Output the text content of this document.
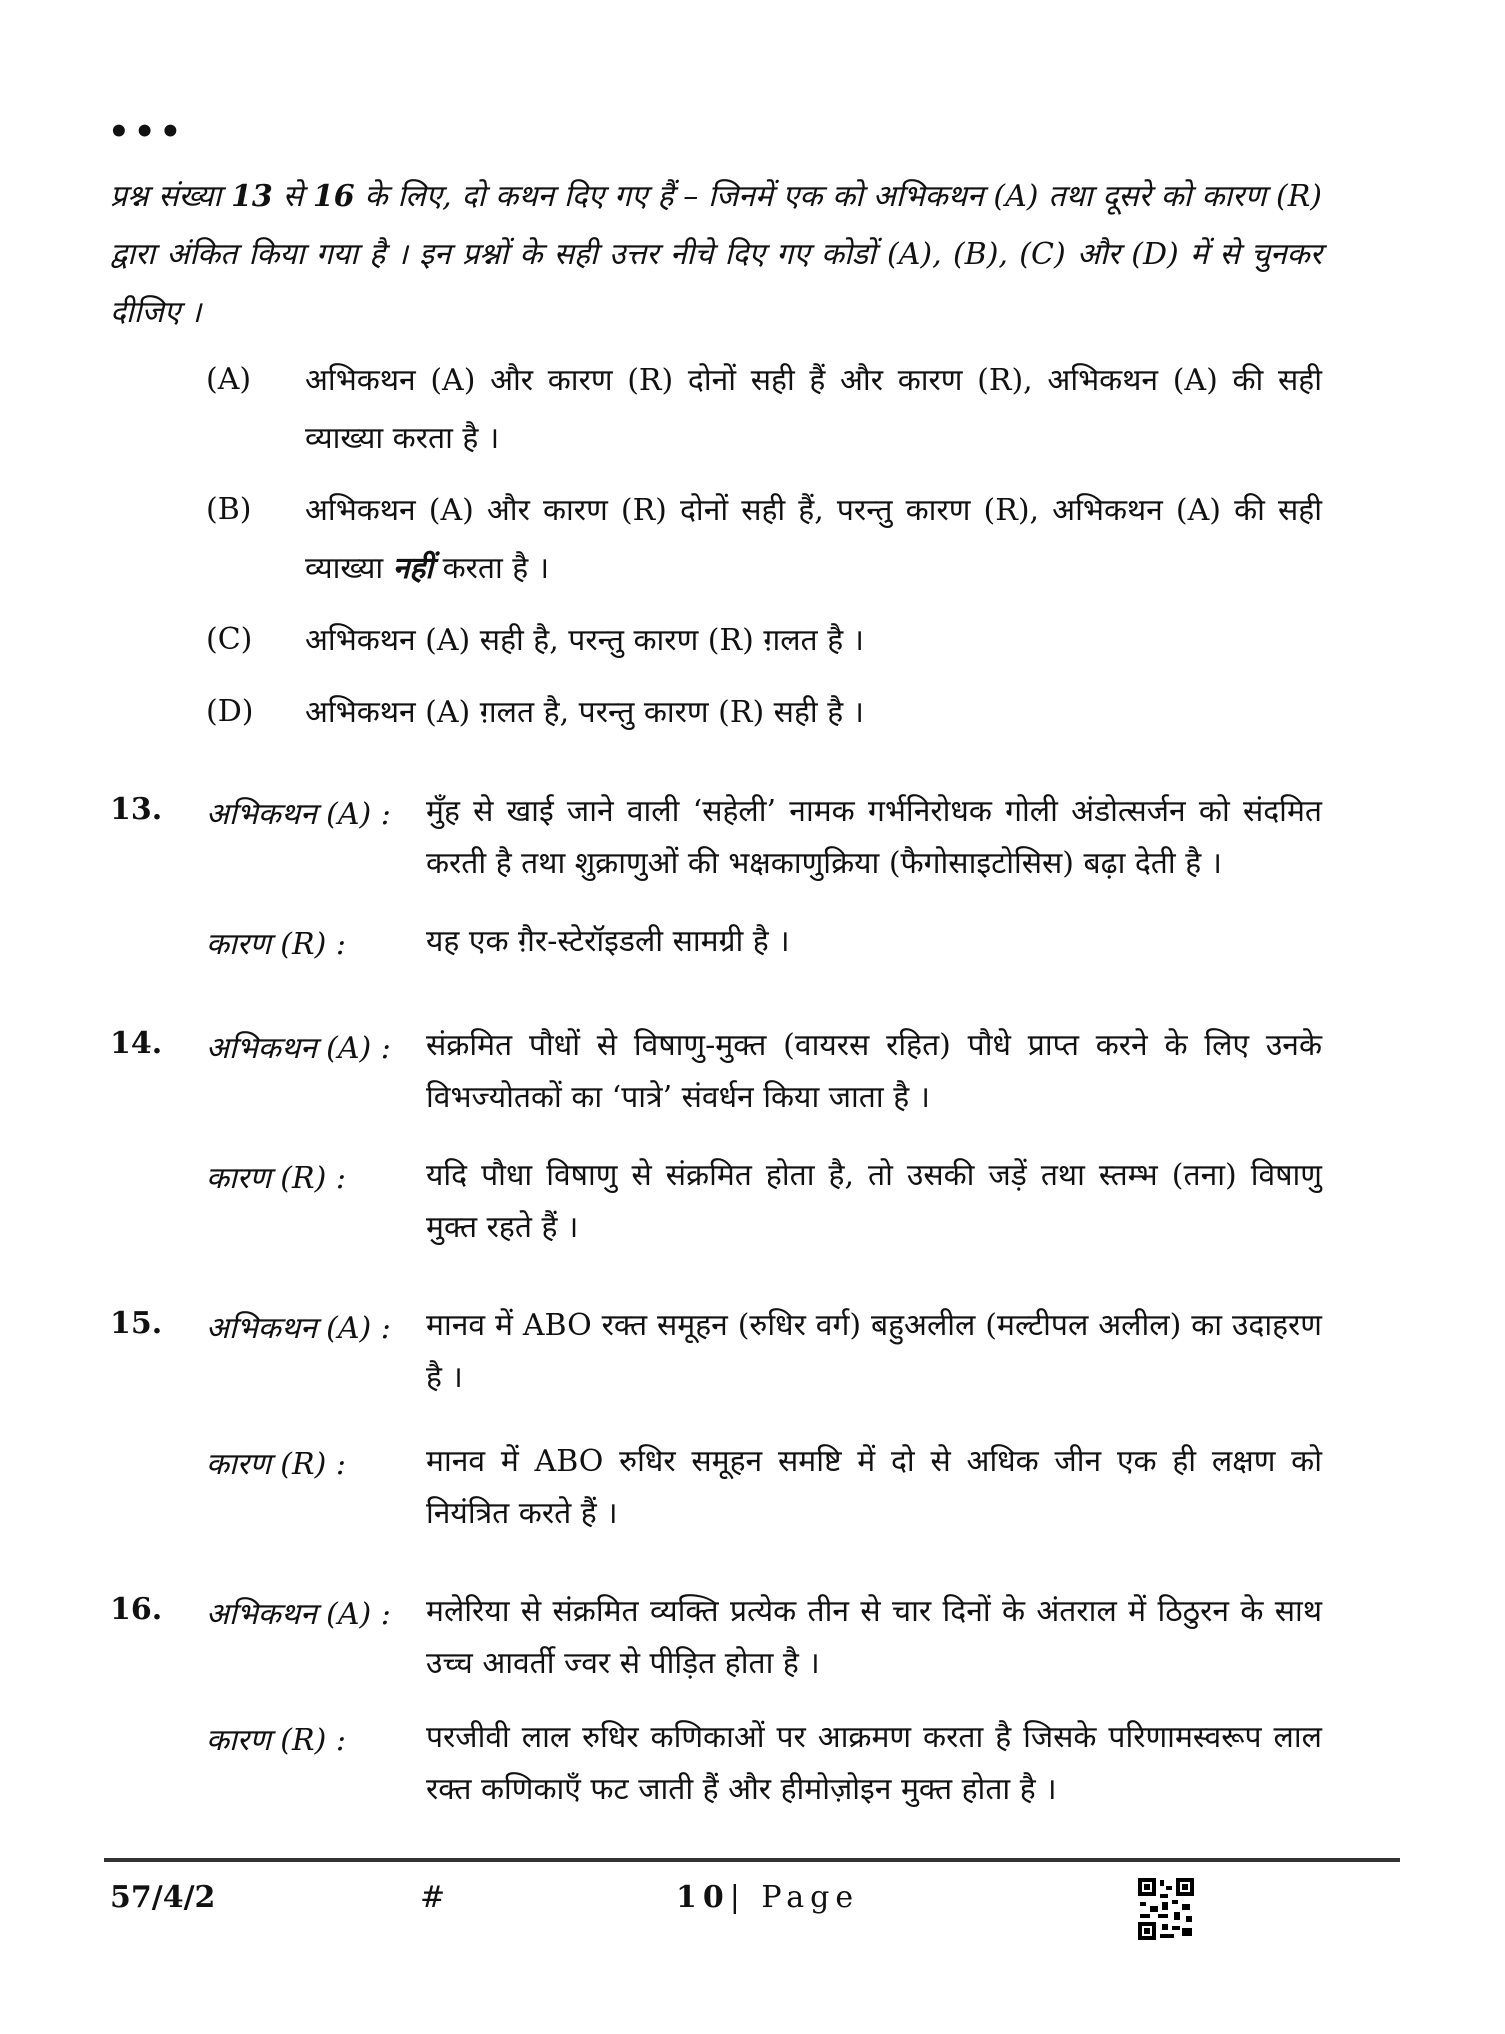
•••
प्रश्न संख्या 13 से 16 के लिए, दो कथन दिए गए हैं – जिनमें एक को अभिकथन (A) तथा दूसरे को कारण (R) द्वारा अंकित किया गया है । इन प्रश्नों के सही उत्तर नीचे दिए गए कोडों (A), (B), (C) और (D) में से चुनकर दीजिए ।
(A) अभिकथन (A) और कारण (R) दोनों सही हैं और कारण (R), अभिकथन (A) की सही व्याख्या करता है ।
(B) अभिकथन (A) और कारण (R) दोनों सही हैं, परन्तु कारण (R), अभिकथन (A) की सही व्याख्या नहीं करता है ।
(C) अभिकथन (A) सही है, परन्तु कारण (R) ग़लत है ।
(D) अभिकथन (A) ग़लत है, परन्तु कारण (R) सही है ।
13. अभिकथन (A) : मुँह से खाई जाने वाली ‘सहेली’ नामक गर्भनिरोधक गोली अंडोत्सर्जन को संदमित करती है तथा शुक्राणुओं की भक्षकाणुक्रिया (फैगोसाइटोसिस) बढ़ा देती है ।
कारण (R) :	यह एक ग़ैर-स्टेरॉइडली सामग्री है ।
14. अभिकथन (A) : संक्रमित पौधों से विषाणु-मुक्त (वायरस रहित) पौधे प्राप्त करने के लिए उनके विभज्योतकों का ‘पात्रे’ संवर्धन किया जाता है ।
कारण (R) :	यदि पौधा विषाणु से संक्रमित होता है, तो उसकी जड़ें तथा स्तम्भ (तना) विषाणु मुक्त रहते हैं ।
15. अभिकथन (A) : मानव में ABO रक्त समूहन (रुधिर वर्ग) बहुअलील (मल्टीपल अलील) का उदाहरण है ।
कारण (R) :	मानव में ABO रुधिर समूहन समष्टि में दो से अधिक जीन एक ही लक्षण को नियंत्रित करते हैं ।
16. अभिकथन (A) : मलेरिया से संक्रमित व्यक्ति प्रत्येक तीन से चार दिनों के अंतराल में ठिठुरन के साथ उच्च आवर्ती ज्वर से पीड़ित होता है ।
कारण (R) :	परजीवी लाल रुधिर कणिकाओं पर आक्रमण करता है जिसके परिणामस्वरूप लाल रक्त कणिकाएँ फट जाती हैं और हीमोज़ोइन मुक्त होता है ।
57/4/2	#	10| Page
